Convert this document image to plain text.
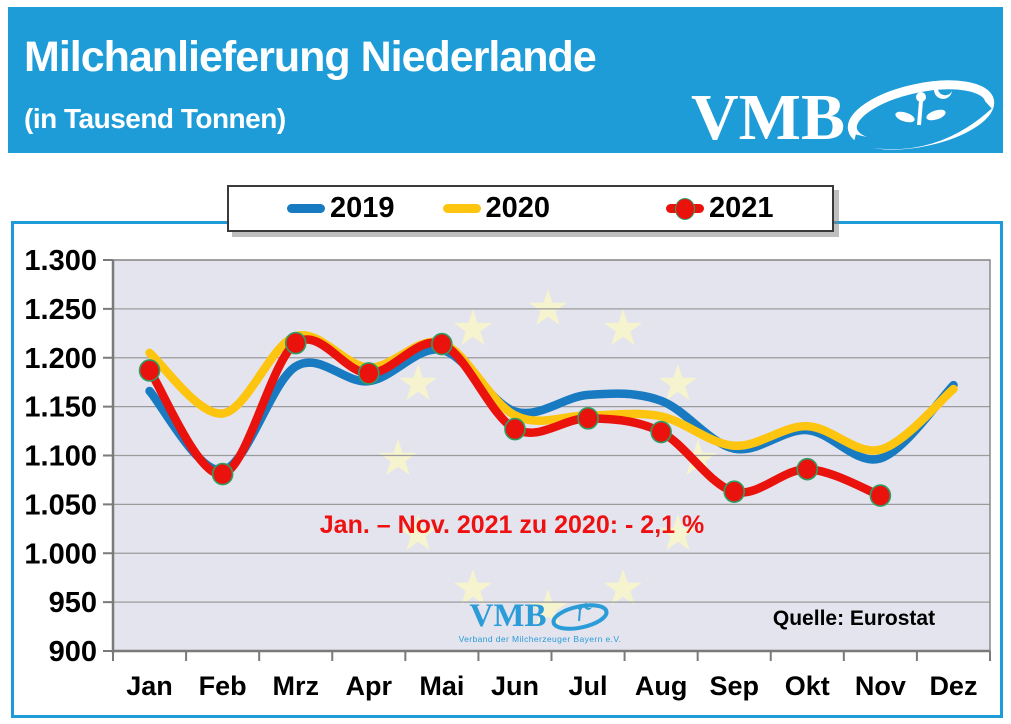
Milchanlieferung Niederlande
(in Tausend Tonnen)	VMB
2019	2020	2021
900
950
1.000
1.050
1.100
1.150
1.200
1.250
1.300
Jan Feb Mrz Apr Mai Jun Jul Aug Sep Okt Nov Dez
Jan. – Nov. 2021 zu 2020: - 2,1 %
Quelle: Eurostat
VMB
Verband der Milcherzeuger Bayern e.V.
